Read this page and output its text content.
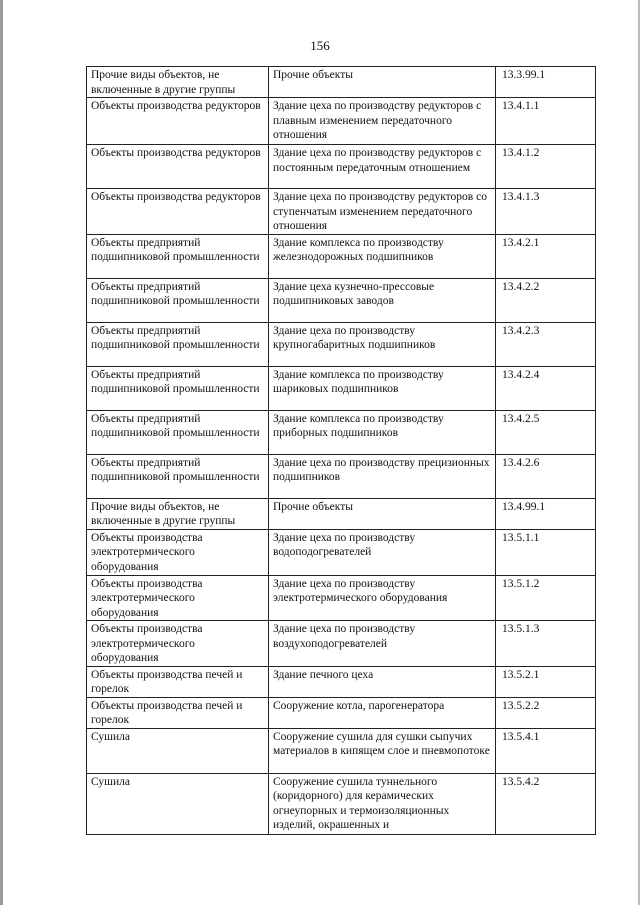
156
Прочие виды объектов, не включенные в другие группы	Прочие объекты	13.3.99.1
Объекты производства редукторов	Здание цеха по производству редукторов с плавным изменением передаточного отношения	13.4.1.1
Объекты производства редукторов	Здание цеха по производству редукторов с постоянным передаточным отношением	13.4.1.2
Объекты производства редукторов	Здание цеха по производству редукторов со ступенчатым изменением передаточного отношения	13.4.1.3
Объекты предприятий подшипниковой промышленности	Здание комплекса по производству железнодорожных подшипников	13.4.2.1
Объекты предприятий подшипниковой промышленности	Здание цеха кузнечно-прессовые подшипниковых заводов	13.4.2.2
Объекты предприятий подшипниковой промышленности	Здание цеха по производству крупногабаритных подшипников	13.4.2.3
Объекты предприятий подшипниковой промышленности	Здание комплекса по производству шариковых подшипников	13.4.2.4
Объекты предприятий подшипниковой промышленности	Здание комплекса по производству приборных подшипников	13.4.2.5
Объекты предприятий подшипниковой промышленности	Здание цеха по производству прецизионных подшипников	13.4.2.6
Прочие виды объектов, не включенные в другие группы	Прочие объекты	13.4.99.1
Объекты производства электротермического оборудования	Здание цеха по производству водоподогревателей	13.5.1.1
Объекты производства электротермического оборудования	Здание цеха по производству электротермического оборудования	13.5.1.2
Объекты производства электротермического оборудования	Здание цеха по производству воздухоподогревателей	13.5.1.3
Объекты производства печей и горелок	Здание печного цеха	13.5.2.1
Объекты производства печей и горелок	Сооружение котла, парогенератора	13.5.2.2
Сушила	Сооружение сушила для сушки сыпучих материалов в кипящем слое и пневмопотоке	13.5.4.1
Сушила	Сооружение сушила туннельного (коридорного) для керамических огнеупорных и термоизоляционных изделий, окрашенных и	13.5.4.2
